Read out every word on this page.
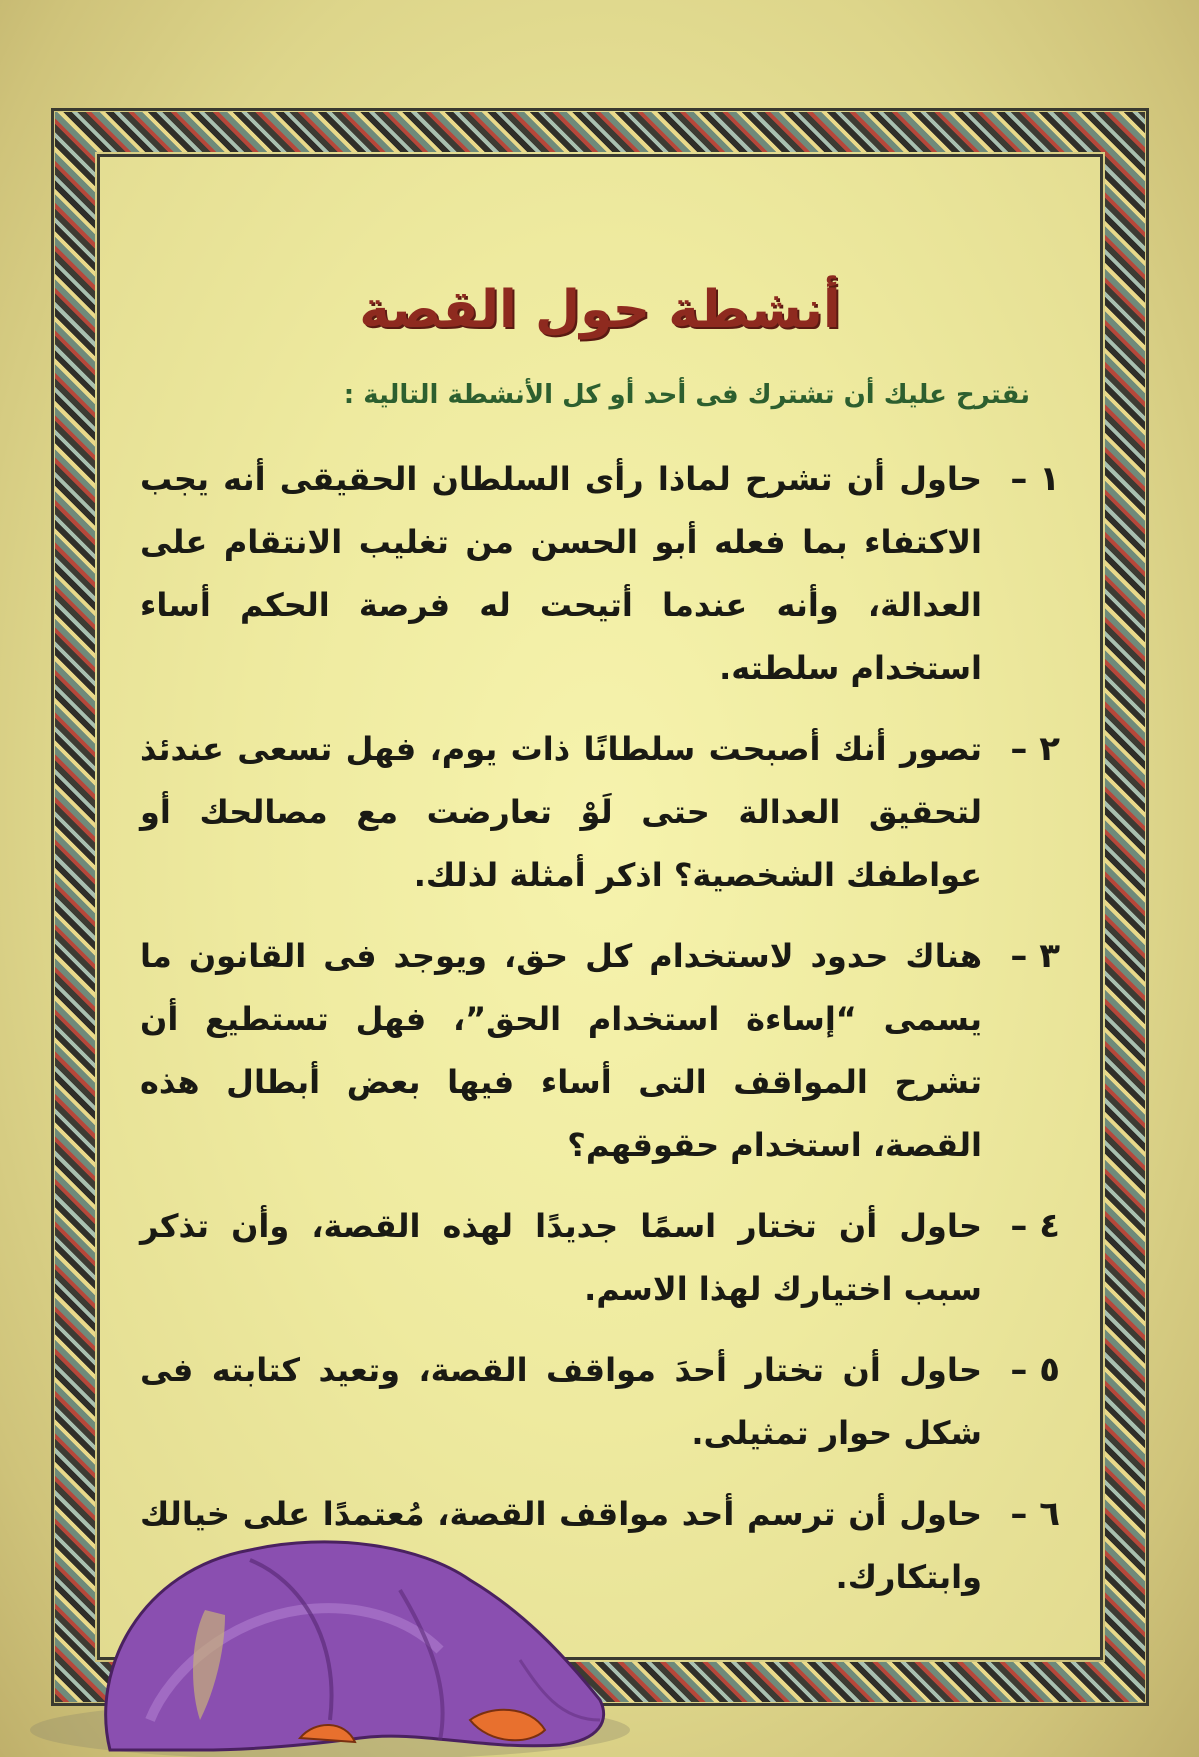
أنشطة حول القصة
نقترح عليك أن تشترك فى أحد أو كل الأنشطة التالية :
١ –
حاول أن تشرح لماذا رأى السلطان الحقيقى أنه يجب الاكتفاء بما فعله أبو الحسن من تغليب الانتقام على العدالة، وأنه عندما أتيحت له فرصة الحكم أساء استخدام سلطته.
٢ –
تصور أنك أصبحت سلطانًا ذات يوم، فهل تسعى عندئذ لتحقيق العدالة حتى لَوْ تعارضت مع مصالحك أو عواطفك الشخصية؟ اذكر أمثلة لذلك.
٣ –
هناك حدود لاستخدام كل حق، ويوجد فى القانون ما يسمى “إساءة استخدام الحق”، فهل تستطيع أن تشرح المواقف التى أساء فيها بعض أبطال هذه القصة، استخدام حقوقهم؟
٤ –
حاول أن تختار اسمًا جديدًا لهذه القصة، وأن تذكر سبب اختيارك لهذا الاسم.
٥ –
حاول أن تختار أحدَ مواقف القصة، وتعيد كتابته فى شكل حوار تمثيلى.
٦ –
حاول أن ترسم أحد مواقف القصة، مُعتمدًا على خيالك وابتكارك.
